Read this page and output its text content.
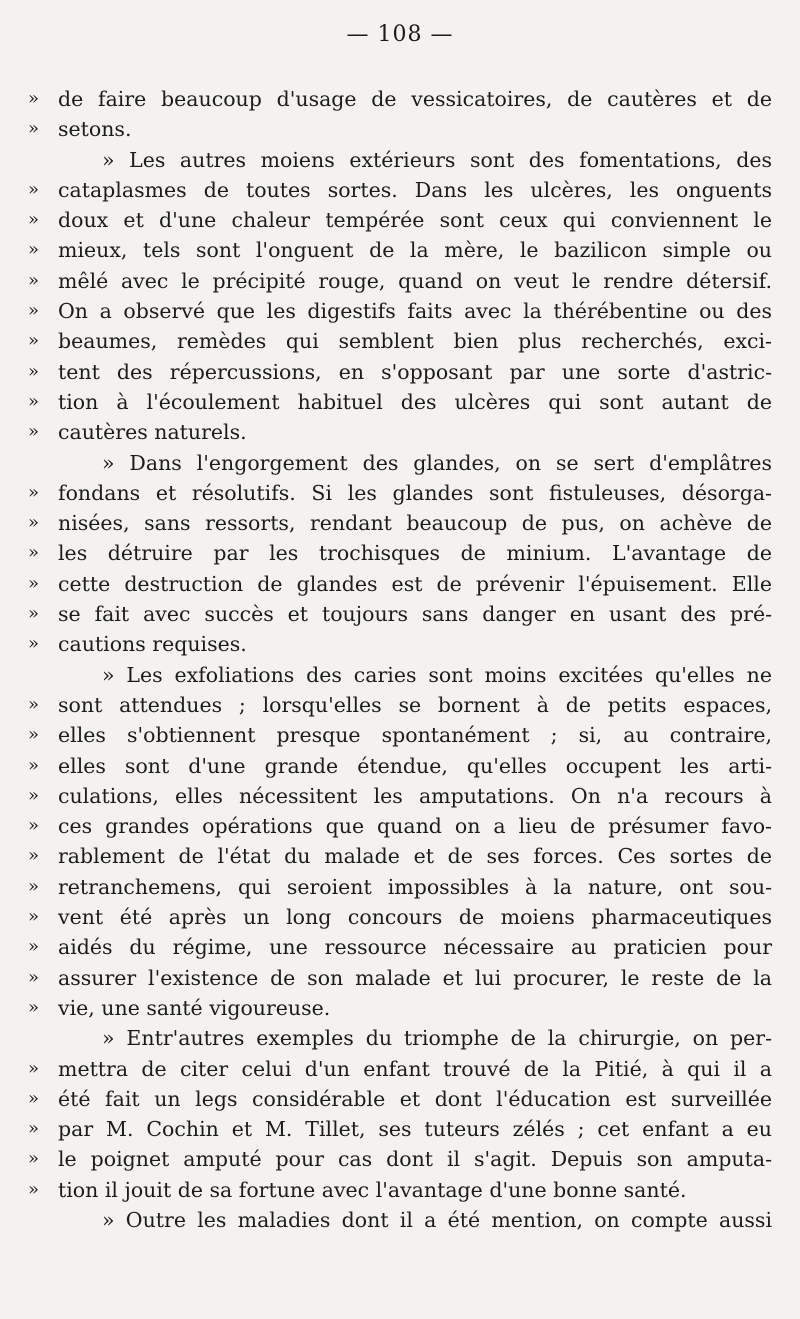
— 108 —
» de faire beaucoup d'usage de vessicatoires, de cautères et de
» setons.
» Les autres moiens extérieurs sont des fomentations, des
» cataplasmes de toutes sortes. Dans les ulcères, les onguents
» doux et d'une chaleur tempérée sont ceux qui conviennent le
» mieux, tels sont l'onguent de la mère, le bazilicon simple ou
» mêlé avec le précipité rouge, quand on veut le rendre détersif.
» On a observé que les digestifs faits avec la thérébentine ou des
» beaumes, remèdes qui semblent bien plus recherchés, exci-
» tent des répercussions, en s'opposant par une sorte d'astric-
» tion à l'écoulement habituel des ulcères qui sont autant de
» cautères naturels.
» Dans l'engorgement des glandes, on se sert d'emplâtres
» fondans et résolutifs. Si les glandes sont fistuleuses, désorga-
» nisées, sans ressorts, rendant beaucoup de pus, on achève de
» les détruire par les trochisques de minium. L'avantage de
» cette destruction de glandes est de prévenir l'épuisement. Elle
» se fait avec succès et toujours sans danger en usant des pré-
» cautions requises.
» Les exfoliations des caries sont moins excitées qu'elles ne
» sont attendues ; lorsqu'elles se bornent à de petits espaces,
» elles s'obtiennent presque spontanément ; si, au contraire,
» elles sont d'une grande étendue, qu'elles occupent les arti-
» culations, elles nécessitent les amputations. On n'a recours à
» ces grandes opérations que quand on a lieu de présumer favo-
» rablement de l'état du malade et de ses forces. Ces sortes de
» retranchemens, qui seroient impossibles à la nature, ont sou-
» vent été après un long concours de moiens pharmaceutiques
» aidés du régime, une ressource nécessaire au praticien pour
» assurer l'existence de son malade et lui procurer, le reste de la
» vie, une santé vigoureuse.
» Entr'autres exemples du triomphe de la chirurgie, on per-
» mettra de citer celui d'un enfant trouvé de la Pitié, à qui il a
» été fait un legs considérable et dont l'éducation est surveillée
» par M. Cochin et M. Tillet, ses tuteurs zélés ; cet enfant a eu
» le poignet amputé pour cas dont il s'agit. Depuis son amputa-
» tion il jouit de sa fortune avec l'avantage d'une bonne santé.
» Outre les maladies dont il a été mention, on compte aussi
